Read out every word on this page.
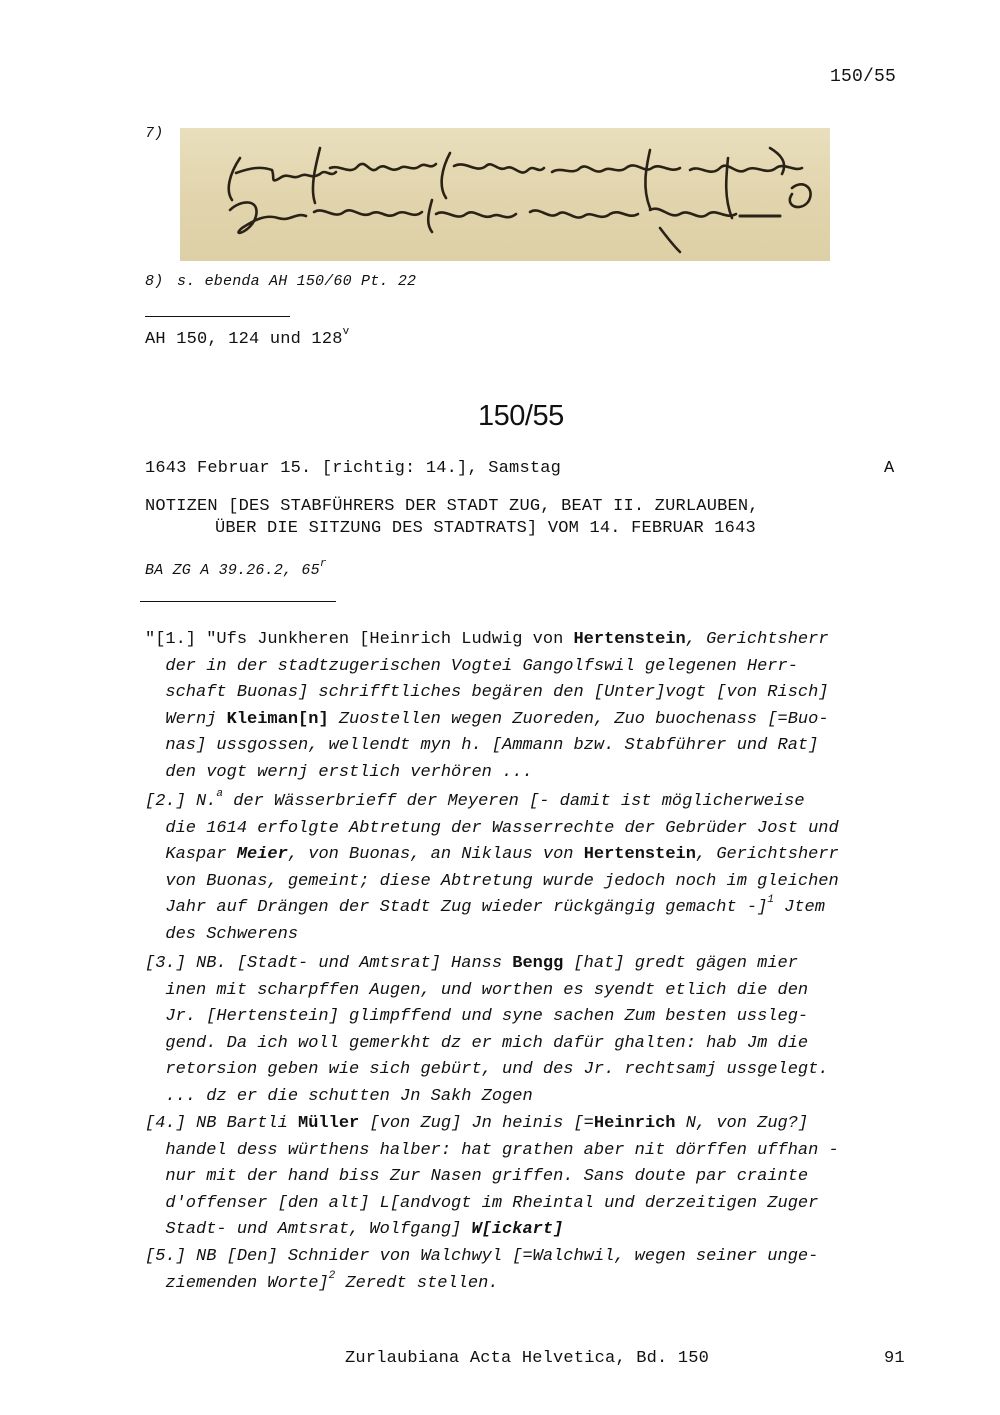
150/55
7)
8) s. ebenda AH 150/60 Pt. 22
AH 150, 124 und 128$^v$
150/55
1643 Februar 15. [richtig: 14.], Samstag	A
NOTIZEN [DES STABFÜHRERS DER STADT ZUG, BEAT II. ZURLAUBEN,
ÜBER DIE SITZUNG DES STADTRATS] VOM 14. FEBRUAR 1643
BA ZG A 39.26.2, 65$^r$
"[1.] "Ufs Junkheren [Heinrich Ludwig von Hertenstein, Gerichtsherr
der in der stadtzugerischen Vogtei Gangolfswil gelegenen Herr-
schaft Buonas] schrifftliches begären den [Unter]vogt [von Risch]
Wernj Kleiman[n] Zuostellen wegen Zuoreden, Zuo buochenass [=Buo-
nas] ussgossen, wellendt myn h. [Ammann bzw. Stabführer und Rat]
den vogt wernj erstlich verhören ...
[2.] N.$^a$ der Wässerbrieff der Meyeren [- damit ist möglicherweise
die 1614 erfolgte Abtretung der Wasserrechte der Gebrüder Jost und
Kaspar Meier, von Buonas, an Niklaus von Hertenstein, Gerichtsherr
von Buonas, gemeint; diese Abtretung wurde jedoch noch im gleichen
Jahr auf Drängen der Stadt Zug wieder rückgängig gemacht -]$^1$ Jtem
des Schwerens
[3.] NB. [Stadt- und Amtsrat] Hanss Bengg [hat] gredt gägen mier
inen mit scharpffen Augen, und worthen es syendt etlich die den
Jr. [Hertenstein] glimpffend und syne sachen Zum besten ussleg-
gend. Da ich woll gemerkht dz er mich dafür ghalten: hab Jm die
retorsion geben wie sich gebürt, und des Jr. rechtsamj ussgelegt.
... dz er die schutten Jn Sakh Zogen
[4.] NB Bartli Müller [von Zug] Jn heinis [=Heinrich N, von Zug?]
handel dess würthens halber: hat grathen aber nit dörffen uffhan -
nur mit der hand biss Zur Nasen griffen. Sans doute par crainte
d'offenser [den alt] L[andvogt im Rheintal und derzeitigen Zuger
Stadt- und Amtsrat, Wolfgang] W[ickart]
[5.] NB [Den] Schnider von Walchwyl [=Walchwil, wegen seiner unge-
ziemenden Worte]$^2$ Zeredt stellen.
Zurlaubiana Acta Helvetica, Bd. 150	91
